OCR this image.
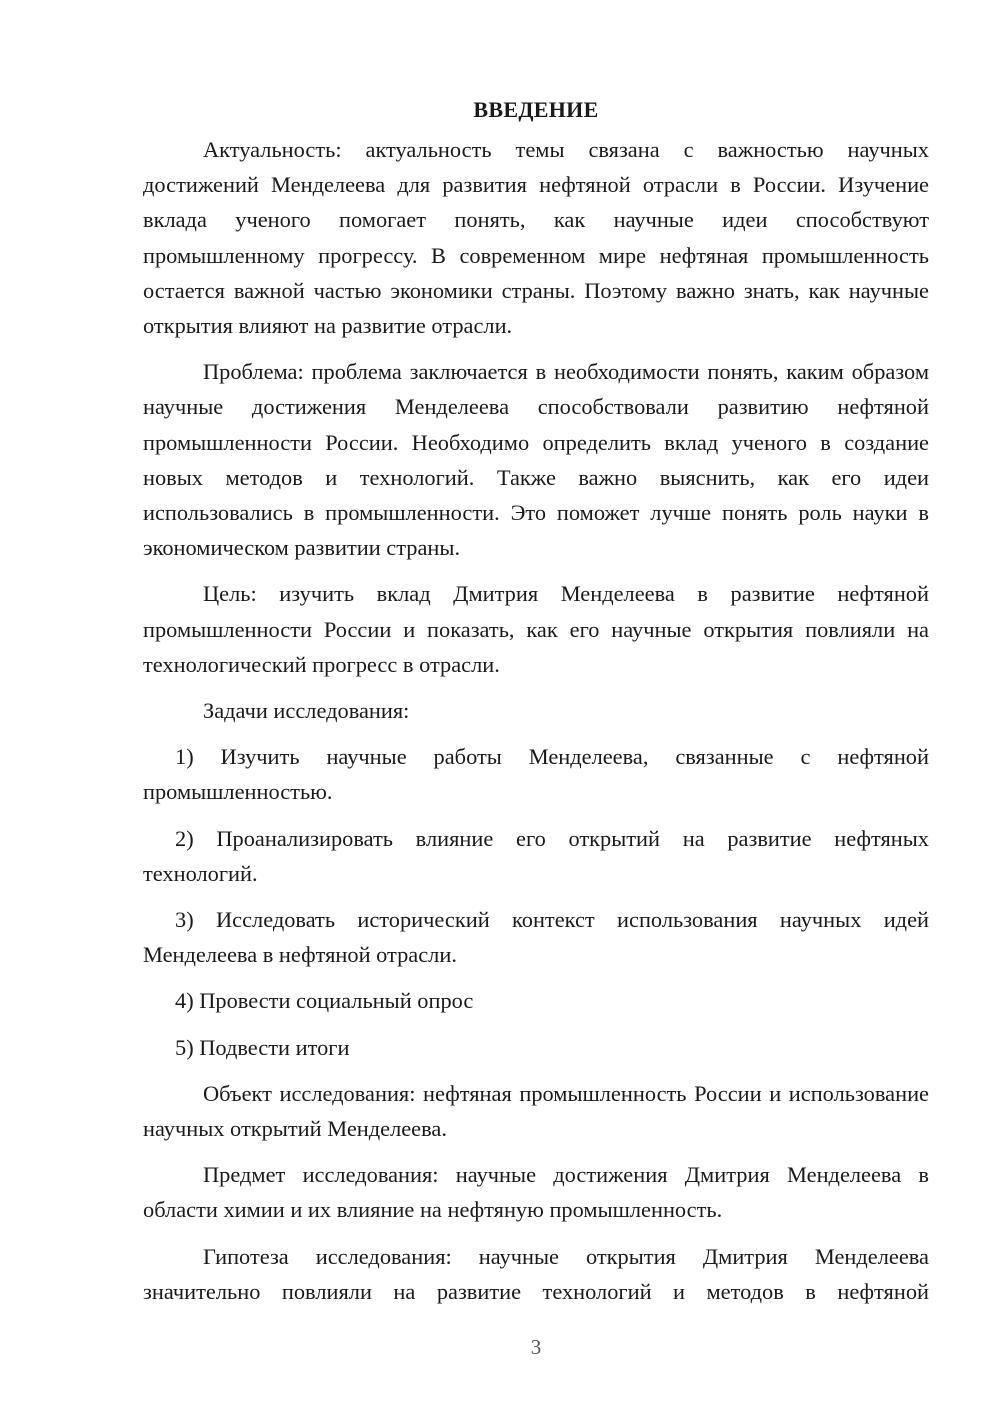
ВВЕДЕНИЕ

Актуальность: актуальность темы связана с важностью научных достижений Менделеева для развития нефтяной отрасли в России. Изучение вклада ученого помогает понять, как научные идеи способствуют промышленному прогрессу. В современном мире нефтяная промышленность остается важной частью экономики страны. Поэтому важно знать, как научные открытия влияют на развитие отрасли.

Проблема: проблема заключается в необходимости понять, каким образом научные достижения Менделеева способствовали развитию нефтяной промышленности России. Необходимо определить вклад ученого в создание новых методов и технологий. Также важно выяснить, как его идеи использовались в промышленности. Это поможет лучше понять роль науки в экономическом развитии страны.

Цель: изучить вклад Дмитрия Менделеева в развитие нефтяной промышленности России и показать, как его научные открытия повлияли на технологический прогресс в отрасли.

Задачи исследования:

1) Изучить научные работы Менделеева, связанные с нефтяной промышленностью.

2) Проанализировать влияние его открытий на развитие нефтяных технологий.

3) Исследовать исторический контекст использования научных идей Менделеева в нефтяной отрасли.

4) Провести социальный опрос

5) Подвести итоги

Объект исследования: нефтяная промышленность России и использование научных открытий Менделеева.

Предмет исследования: научные достижения Дмитрия Менделеева в области химии и их влияние на нефтяную промышленность.

Гипотеза исследования: научные открытия Дмитрия Менделеева значительно повлияли на развитие технологий и методов в нефтяной

3
